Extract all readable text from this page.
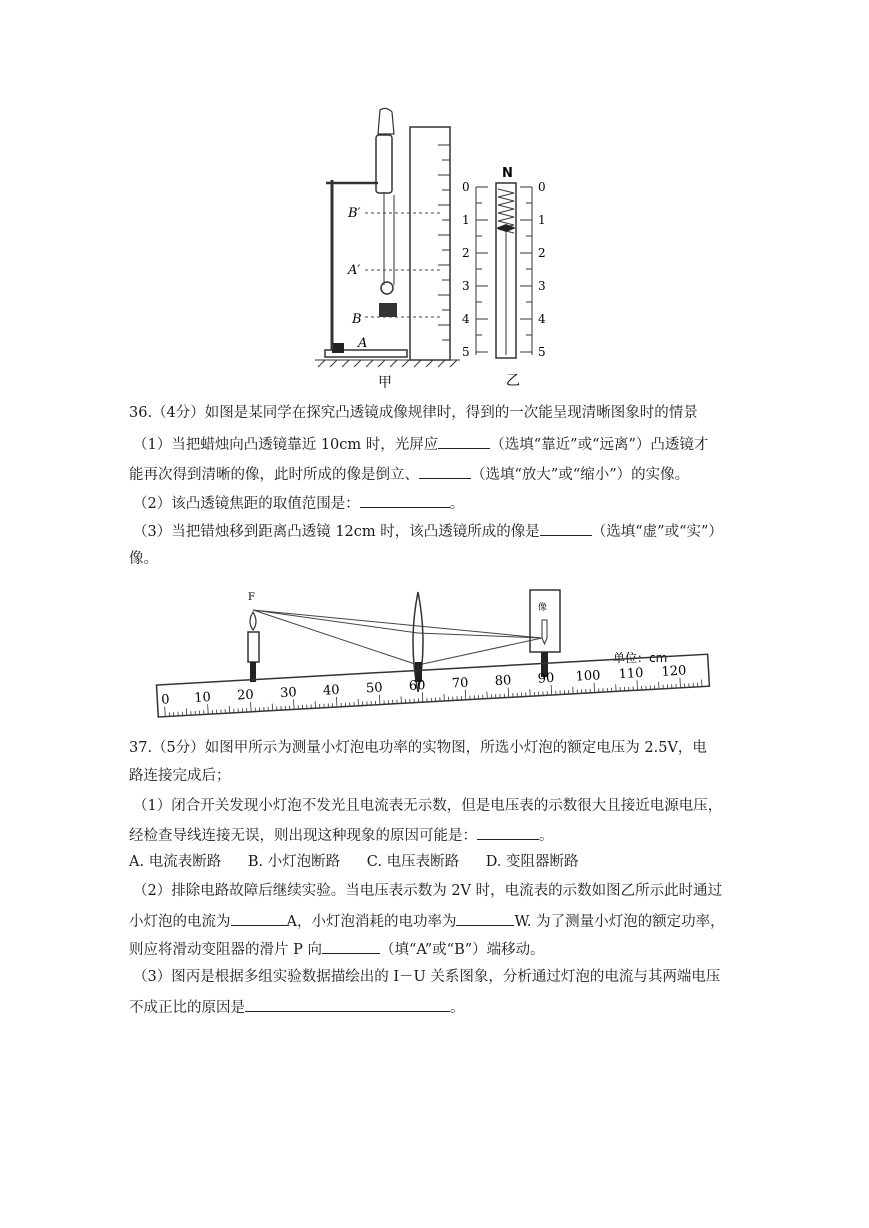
B′
A′
B
A
N
0
1
2
3
4
5
0
1
2
3
4
5
甲	乙
36.（4分）如图是某同学在探究凸透镜成像规律时，得到的一次能呈现清晰图象时的情景
（1）当把蜡烛向凸透镜靠近 10cm 时，光屏应	（选填“靠近”或“远离”）凸透镜才
能再次得到清晰的像，此时所成的像是倒立、	（选填“放大”或“缩小”）的实像。
（2）该凸透镜焦距的取值范围是：	。
（3）当把错烛移到距离凸透镜 12cm 时，该凸透镜所成的像是	（选填“虚”或“实”）
像。
F
像
单位：cm
0 10 20 30 40 50 60 70 80 90 100 110 120
37.（5分）如图甲所示为测量小灯泡电功率的实物图，所选小灯泡的额定电压为 2.5V，电
路连接完成后；
（1）闭合开关发现小灯泡不发光且电流表无示数，但是电压表的示数很大且接近电源电压，
经检查导线连接无误，则出现这种现象的原因可能是：	。
A. 电流表断路 B. 小灯泡断路 C. 电压表断路 D. 变阻器断路
（2）排除电路故障后继续实验。当电压表示数为 2V 时，电流表的示数如图乙所示此时通过
小灯泡的电流为	A，小灯泡消耗的电功率为	W. 为了测量小灯泡的额定功率，
则应将滑动变阻器的滑片 P 向	（填“A”或“B”）端移动。
（3）图丙是根据多组实验数据描绘出的 I－U 关系图象，分析通过灯泡的电流与其两端电压
不成正比的原因是	。
